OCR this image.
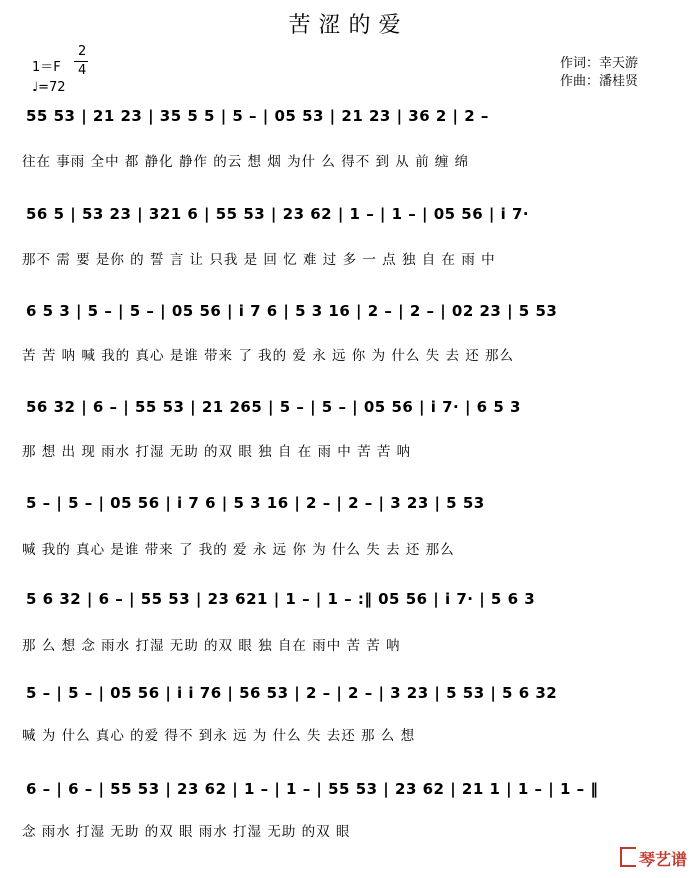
苦涩的爱
1＝F
2
4
♩=72
作词：幸天游
作曲：潘桂贤
55 53 | 21 23 | 35 5 5 | 5 – | 05 53 | 21 23 | 36 2 | 2 –
往在 事雨 全中 都 静化 静作 的云 想 烟 为什 么 得不 到 从 前 缠 绵
56 5 | 53 23 | 321 6 | 55 53 | 23 62 | 1 – | 1 – | 05 56 | i 7·
那不 需 要 是你 的 誓 言 让 只我 是 回 忆 难 过 多 一 点 独 自 在 雨 中
6 5 3 | 5 – | 5 – | 05 56 | i 7 6 | 5 3 16 | 2 – | 2 – | 02 23 | 5 53
苦 苦 呐 喊 我的 真心 是谁 带来 了 我的 爱 永 远 你 为 什么 失 去 还 那么
56 32 | 6 – | 55 53 | 21 265 | 5 – | 5 – | 05 56 | i 7· | 6 5 3
那 想 出 现 雨水 打湿 无助 的双 眼 独 自 在 雨 中 苦 苦 呐
5 – | 5 – | 05 56 | i 7 6 | 5 3 16 | 2 – | 2 – | 3 23 | 5 53
喊 我的 真心 是谁 带来 了 我的 爱 永 远 你 为 什么 失 去 还 那么
5 6 32 | 6 – | 55 53 | 23 621 | 1 – | 1 – :‖ 05 56 | i 7· | 5 6 3
那 么 想 念 雨水 打湿 无助 的双 眼 独 自在 雨中 苦 苦 呐
5 – | 5 – | 05 56 | i i 76 | 56 53 | 2 – | 2 – | 3 23 | 5 53 | 5 6 32
喊 为 什么 真心 的爱 得不 到永 远 为 什么 失 去还 那 么 想
6 – | 6 – | 55 53 | 23 62 | 1 – | 1 – | 55 53 | 23 62 | 21 1 | 1 – | 1 – ‖
念 雨水 打湿 无助 的双 眼 雨水 打湿 无助 的双 眼
琴艺谱
